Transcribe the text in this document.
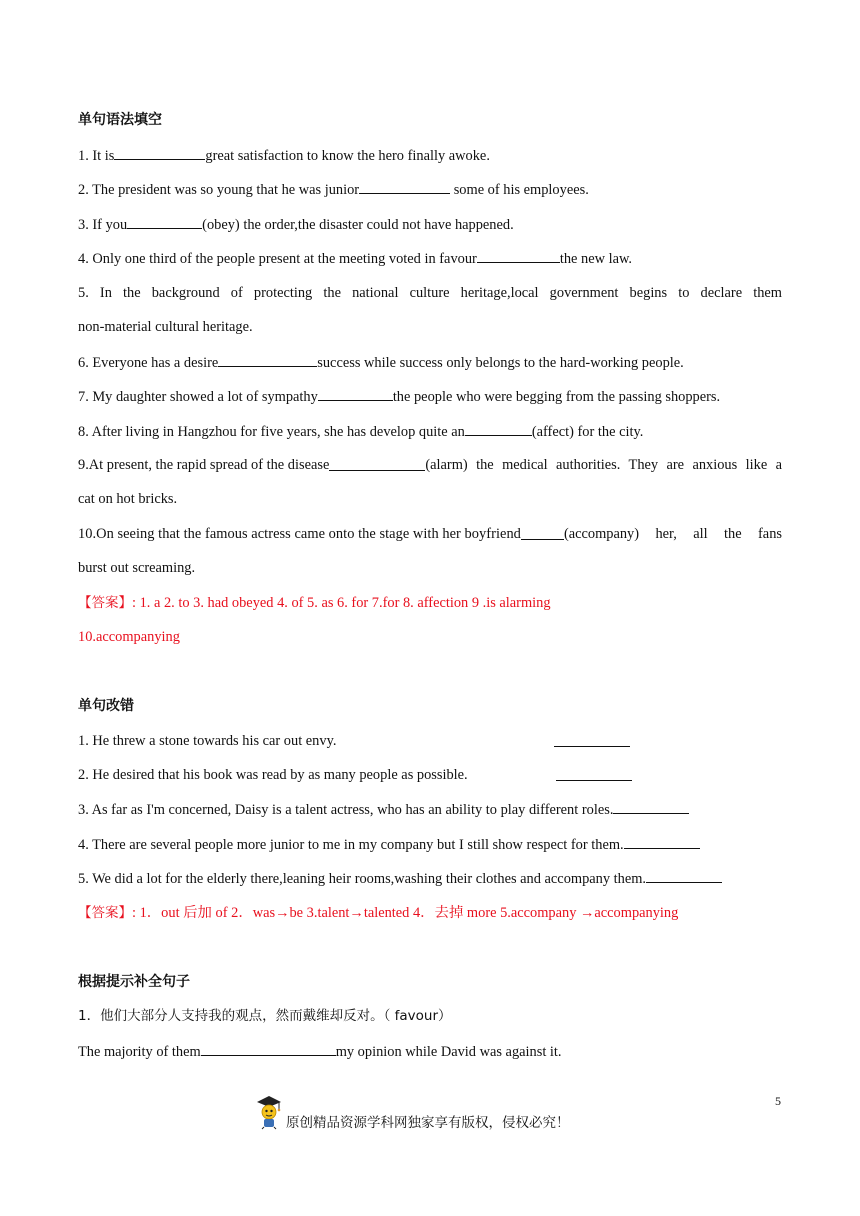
单句语法填空
1. It is	great satisfaction to know the hero finally awoke.
2. The president was so young that he was junior	some of his employees.
3. If you	(obey) the order,the disaster could not have happened.
4. Only one third of the people present at the meeting voted in favour	the new law.
5. In the background of protecting the national culture heritage,local government begins to declare them
non-material cultural heritage.
6. Everyone has a desire	success while success only belongs to the hard-working people.
7. My daughter showed a lot of sympathy	the people who were begging from the passing shoppers.
8. After living in Hangzhou for five years, she has develop quite an	(affect) for the city.
9.At present, the rapid spread of the disease	(alarm) the medical authorities. They are anxious like a
cat on hot bricks.
10.On seeing that the famous actress came onto the stage with her boyfriend	(accompany) her, all the fans
burst out screaming.
【答案】: 1. a 2. to 3. had obeyed 4. of 5. as 6. for 7.for 8. affection 9 .is alarming
10.accompanying
单句改错
1. He threw a stone towards his car out envy.
2. He desired that his book was read by as many people as possible.
3. As far as I'm concerned, Daisy is a talent actress, who has an ability to play different roles.
4. There are several people more junior to me in my company but I still show respect for them.
5. We did a lot for the elderly there,leaning heir rooms,washing their clothes and accompany them.
【答案】: 1．out 后加 of 2．was→be 3.talent→talented 4．去掉 more 5.accompany →accompanying
根据提示补全句子
1．他们大部分人支持我的观点，然而戴维却反对。（ favour）
The majority of them	my opinion while David was against it.
5
原创精品资源学科网独家享有版权，侵权必究！
